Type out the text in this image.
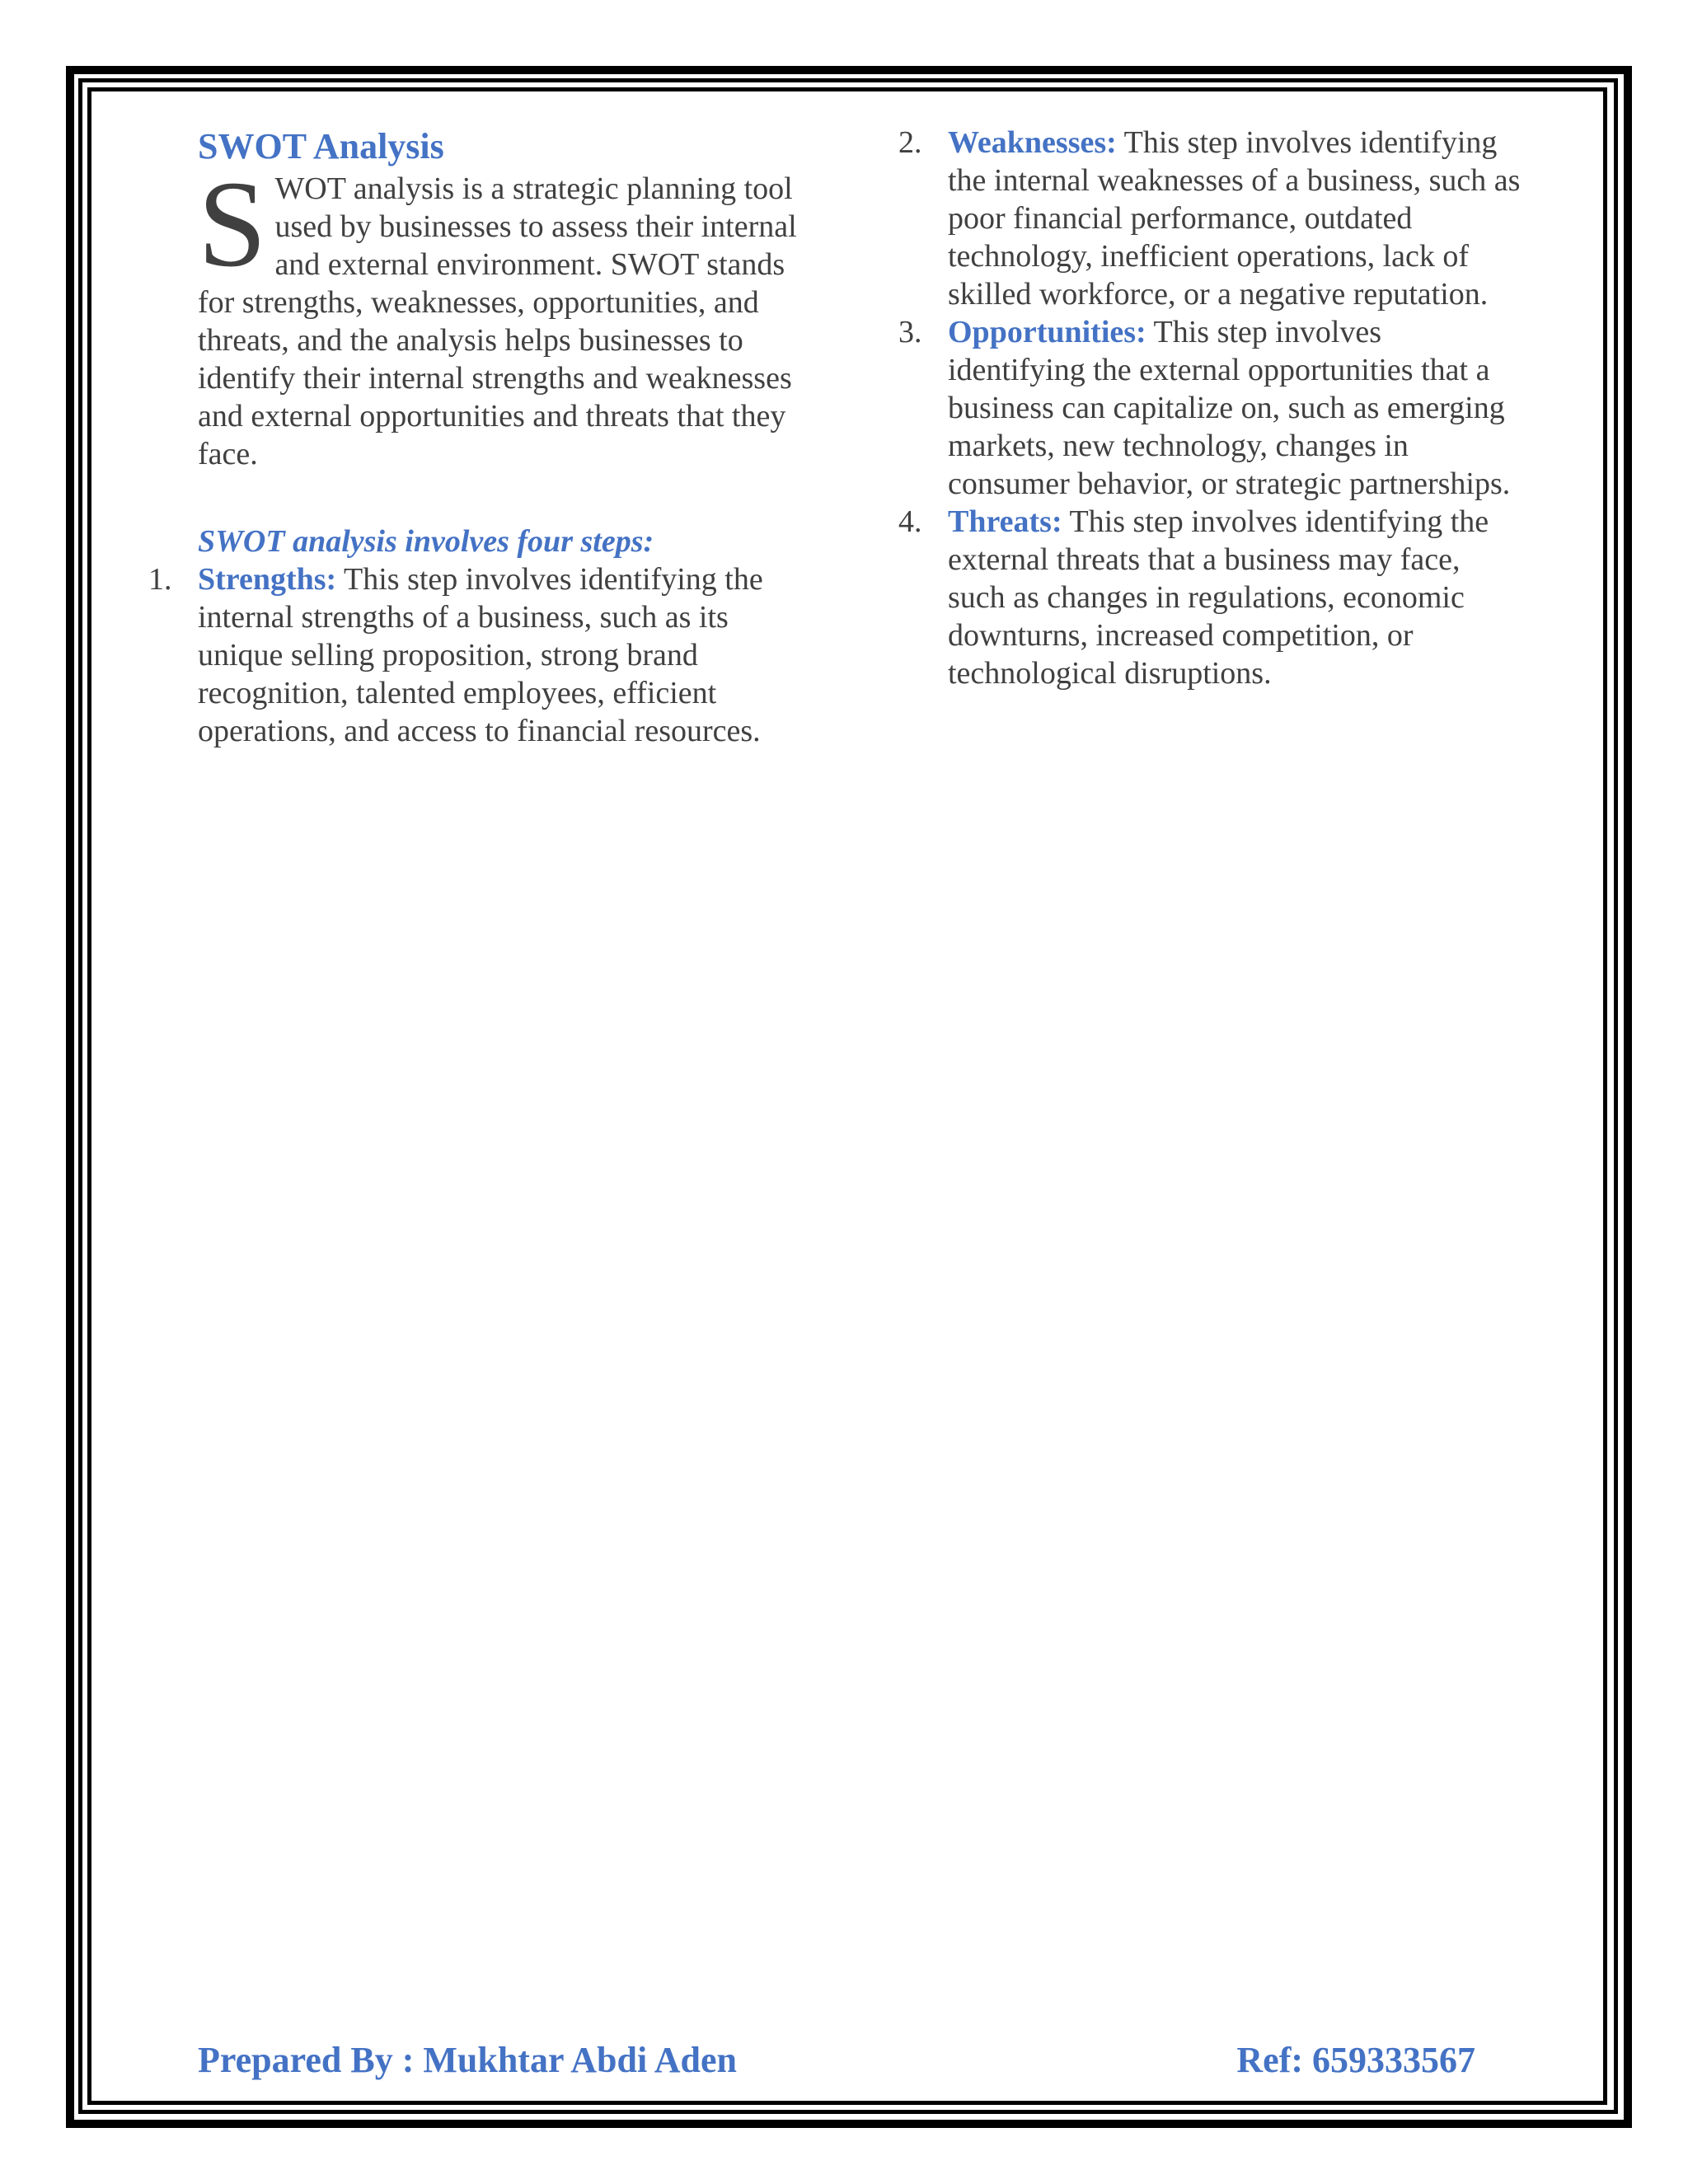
SWOT Analysis

SWOT analysis is a strategic planning tool used by businesses to assess their internal and external environment. SWOT stands for strengths, weaknesses, opportunities, and threats, and the analysis helps businesses to identify their internal strengths and weaknesses and external opportunities and threats that they face.

SWOT analysis involves four steps:

1. Strengths: This step involves identifying the internal strengths of a business, such as its unique selling proposition, strong brand recognition, talented employees, efficient operations, and access to financial resources.
2. Weaknesses: This step involves identifying the internal weaknesses of a business, such as poor financial performance, outdated technology, inefficient operations, lack of skilled workforce, or a negative reputation.
3. Opportunities: This step involves identifying the external opportunities that a business can capitalize on, such as emerging markets, new technology, changes in consumer behavior, or strategic partnerships.
4. Threats: This step involves identifying the external threats that a business may face, such as changes in regulations, economic downturns, increased competition, or technological disruptions.
Prepared By : Mukhtar Abdi Aden	Ref: 659333567
